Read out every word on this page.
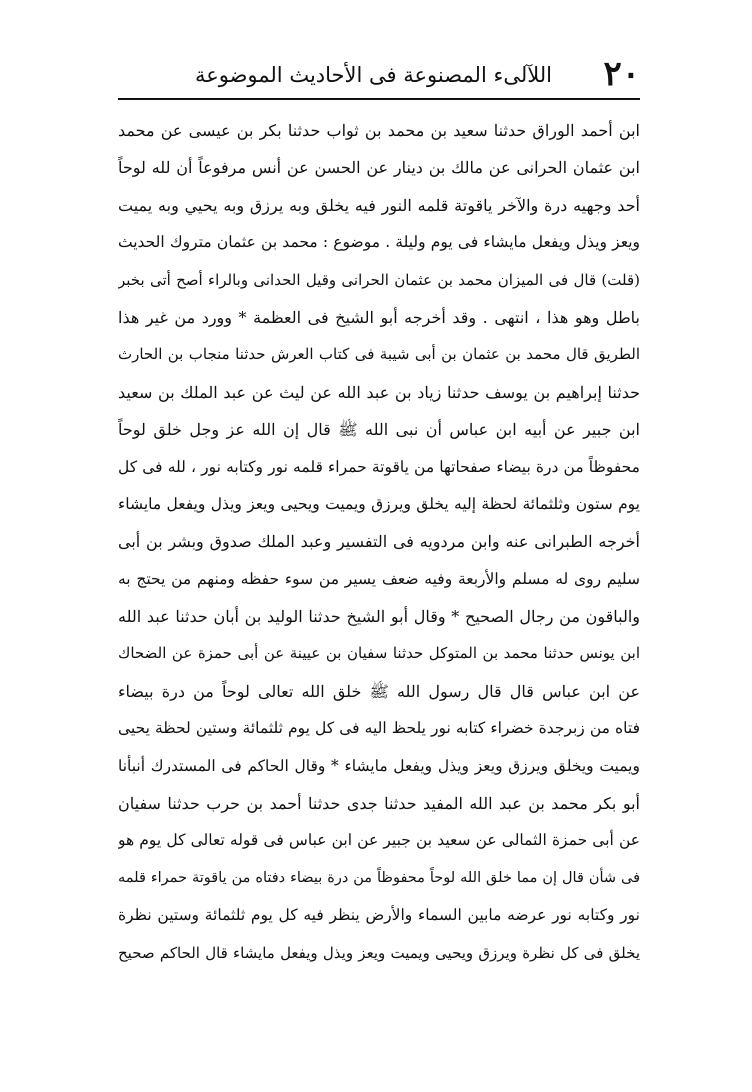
٢٠
اللآلیء المصنوعة فى الأحادیث الموضوعة
ابن أحمد الوراق حدثنا سعيد بن محمد بن ثواب حدثنا بكر بن عيسى عن محمد
ابن عثمان الحرانى عن مالك بن دينار عن الحسن عن أنس مرفوعاً أن لله لوحاً
أحد وجهيه درة والآخر ياقوتة قلمه النور فيه يخلق وبه يرزق وبه يحيي وبه يميت
ويعز ويذل ويفعل مايشاء فى يوم وليلة . موضوع : محمد بن عثمان متروك الحديث
(قلت) قال فى الميزان محمد بن عثمان الحرانى وقيل الحدانى وبالراء أصح أتى بخبر
باطل وهو هذا ، انتهى . وقد أخرجه أبو الشيخ فى العظمة * وورد من غير هذا
الطريق قال محمد بن عثمان بن أبى شيبة فى كتاب العرش حدثنا منجاب بن الحارث
حدثنا إبراهيم بن يوسف حدثنا زياد بن عبد الله عن ليث عن عبد الملك بن سعيد
ابن جبير عن أبيه ابن عباس أن نبى الله ﷺ قال إن الله عز وجل خلق لوحاً
محفوظاً من درة بيضاء صفحاتها من ياقوتة حمراء قلمه نور وكتابه نور ، لله فى كل
يوم ستون وثلثمائة لحظة إليه يخلق ويرزق ويميت ويحيى ويعز ويذل ويفعل مايشاء
أخرجه الطبرانى عنه وابن مردويه فى التفسير وعبد الملك صدوق وبشر بن أبى
سليم روى له مسلم والأربعة وفيه ضعف يسير من سوء حفظه ومنهم من يحتج به
والباقون من رجال الصحيح * وقال أبو الشيخ حدثنا الوليد بن أبان حدثنا عبد الله
ابن يونس حدثنا محمد بن المتوكل حدثنا سفيان بن عيينة عن أبى حمزة عن الضحاك
عن ابن عباس قال قال رسول الله ﷺ خلق الله تعالى لوحاً من درة بيضاء
فتاه من زبرجدة خضراء كتابه نور يلحظ اليه فى كل يوم ثلثمائة وستين لحظة يحيى
ويميت ويخلق ويرزق ويعز ويذل ويفعل مايشاء * وقال الحاكم فى المستدرك أنبأنا
أبو بكر محمد بن عبد الله المفيد حدثنا جدى حدثنا أحمد بن حرب حدثنا سفيان
عن أبى حمزة الثمالى عن سعيد بن جبير عن ابن عباس فى قوله تعالى كل يوم هو
فى شأن قال إن مما خلق الله لوحاً محفوظاً من درة بيضاء دفتاه من ياقوتة حمراء قلمه
نور وكتابه نور عرضه مابين السماء والأرض ينظر فيه كل يوم ثلثمائة وستين نظرة
يخلق فى كل نظرة ويرزق ويحيى ويميت ويعز ويذل ويفعل مايشاء قال الحاكم صحيح
